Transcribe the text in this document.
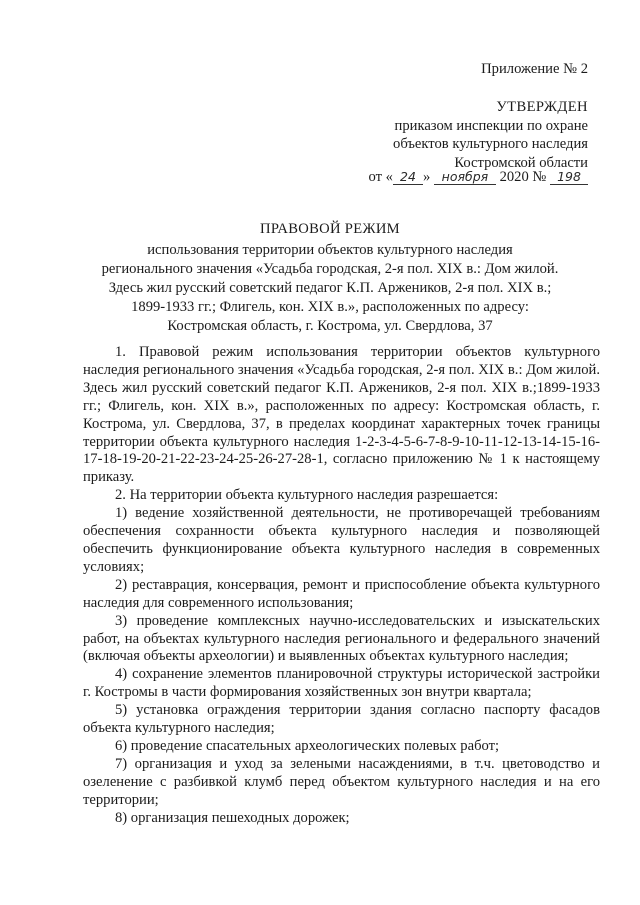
Приложение № 2
УТВЕРЖДЕН
приказом инспекции по охране
объектов культурного наследия
Костромской области
от « 24 » ноября 2020 № 198
ПРАВОВОЙ РЕЖИМ
использования территории объектов культурного наследия
регионального значения «Усадьба городская, 2-я пол. XIX в.: Дом жилой.
Здесь жил русский советский педагог К.П. Аржеников, 2-я пол. XIX в.;
1899-1933 гг.; Флигель, кон. XIX в.», расположенных по адресу:
Костромская область, г. Кострома, ул. Свердлова, 37

1. Правовой режим использования территории объектов культурного наследия регионального значения «Усадьба городская, 2-я пол. XIX в.: Дом жилой. Здесь жил русский советский педагог К.П. Аржеников, 2-я пол. XIX в.;1899-1933 гг.; Флигель, кон. XIX в.», расположенных по адресу: Костромская область, г. Кострома, ул. Свердлова, 37, в пределах координат характерных точек границы территории объекта культурного наследия 1-2-3-4-5-6-7-8-9-10-11-12-13-14-15-16-17-18-19-20-21-22-23-24-25-26-27-28-1, согласно приложению № 1 к настоящему приказу.

2. На территории объекта культурного наследия разрешается:

1) ведение хозяйственной деятельности, не противоречащей требованиям обеспечения сохранности объекта культурного наследия и позволяющей обеспечить функционирование объекта культурного наследия в современных условиях;

2) реставрация, консервация, ремонт и приспособление объекта культурного наследия для современного использования;

3) проведение комплексных научно-исследовательских и изыскательских работ, на объектах культурного наследия регионального и федерального значений (включая объекты археологии) и выявленных объектах культурного наследия;

4) сохранение элементов планировочной структуры исторической застройки г. Костромы в части формирования хозяйственных зон внутри квартала;

5) установка ограждения территории здания согласно паспорту фасадов объекта культурного наследия;

6) проведение спасательных археологических полевых работ;

7) организация и уход за зелеными насаждениями, в т.ч. цветоводство и озеленение с разбивкой клумб перед объектом культурного наследия и на его территории;

8) организация пешеходных дорожек;
